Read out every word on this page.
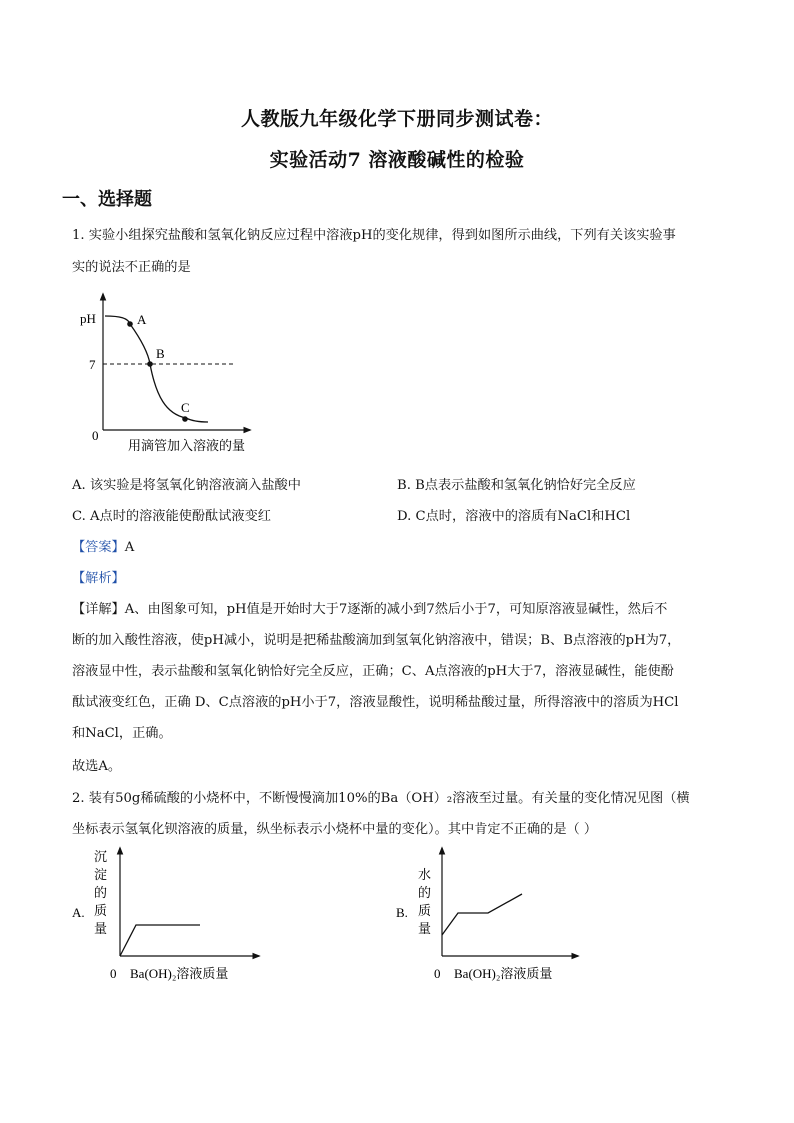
人教版九年级化学下册同步测试卷：
实验活动7 溶液酸碱性的检验
一、选择题
1. 实验小组探究盐酸和氢氧化钠反应过程中溶液pH的变化规律，得到如图所示曲线，下列有关该实验事
实的说法不正确的是
pH
7
0
A
B
C
用滴管加入溶液的量
A. 该实验是将氢氧化钠溶液滴入盐酸中	B. B点表示盐酸和氢氧化钠恰好完全反应
C. A点时的溶液能使酚酞试液变红	D. C点时，溶液中的溶质有NaCl和HCl
【答案】A
【解析】
【详解】A、由图象可知，pH值是开始时大于7逐渐的减小到7然后小于7，可知原溶液显碱性，然后不
断的加入酸性溶液，使pH减小，说明是把稀盐酸滴加到氢氧化钠溶液中，错误；B、B点溶液的pH为7，
溶液显中性，表示盐酸和氢氧化钠恰好完全反应，正确；C、A点溶液的pH大于7，溶液显碱性，能使酚
酞试液变红色，正确 D、C点溶液的pH小于7，溶液显酸性，说明稀盐酸过量，所得溶液中的溶质为HCl
和NaCl，正确。
故选A。
2. 装有50g稀硫酸的小烧杯中，不断慢慢滴加10%的Ba（OH）₂溶液至过量。有关量的变化情况见图（横
坐标表示氢氧化钡溶液的质量，纵坐标表示小烧杯中量的变化）。其中肯定不正确的是（ ）
沉
淀
的
质
量
A.
0 Ba(OH)₂溶液质量
水
的
质
量
B.
0 Ba(OH)₂溶液质量
